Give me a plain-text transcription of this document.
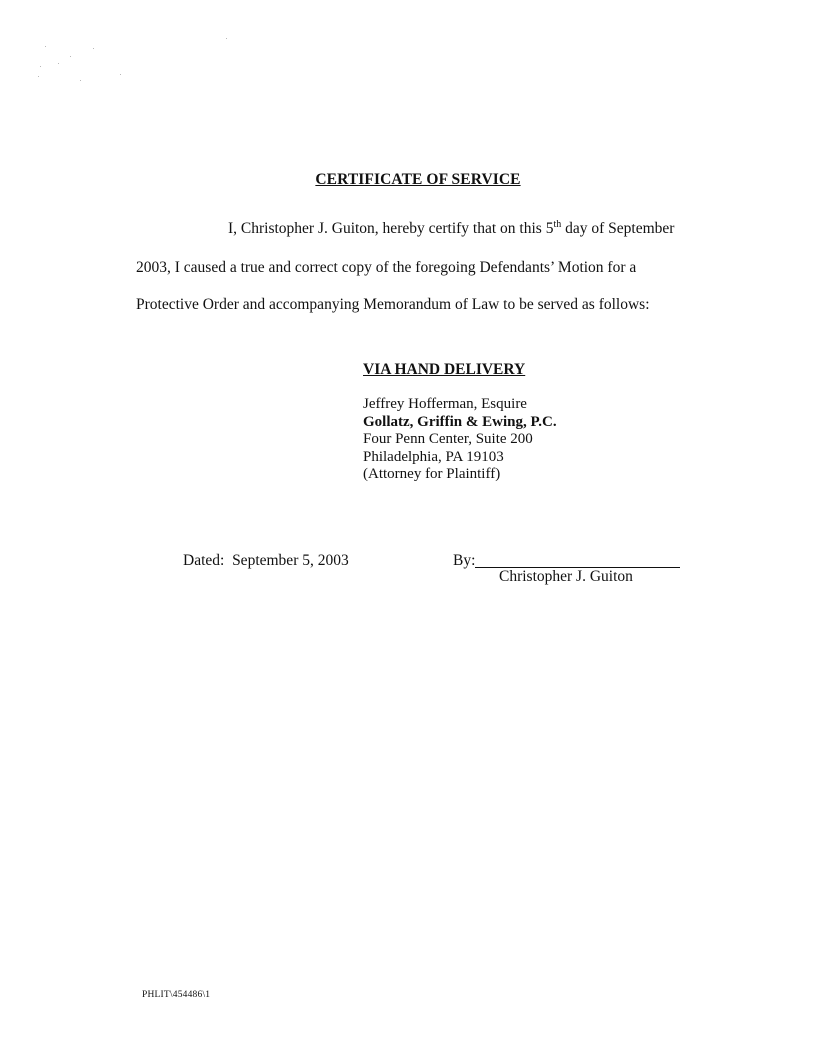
CERTIFICATE OF SERVICE
I, Christopher J. Guiton, hereby certify that on this 5th day of September
2003, I caused a true and correct copy of the foregoing Defendants’ Motion for a
Protective Order and accompanying Memorandum of Law to be served as follows:
VIA HAND DELIVERY
Jeffrey Hofferman, Esquire
Gollatz, Griffin & Ewing, P.C.
Four Penn Center, Suite 200
Philadelphia, PA 19103
(Attorney for Plaintiff)
Dated:  September 5, 2003	By:
Christopher J. Guiton
PHLIT\454486\1
